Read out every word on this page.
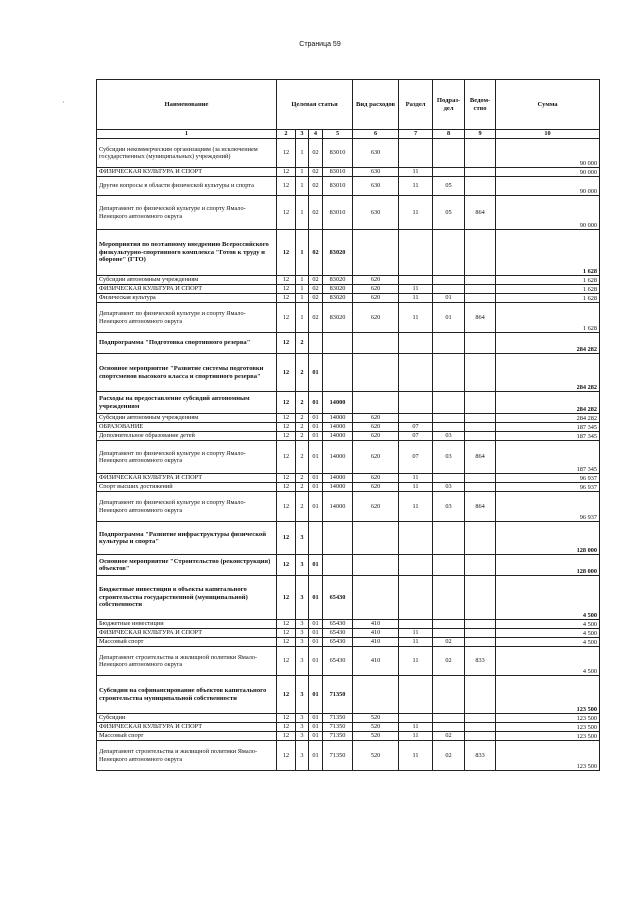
Страница 59
·	Наименование	Целевая статья				Вид расходов	Раздел	Подраз-дел	Ведом-ство	Сумма
1	2	3	4	5	6	7	8	9	10
Субсидии некоммерческим организациям (за исключением государственных (муниципальных) учреждений)	12	1	02	83010	630				90 000
ФИЗИЧЕСКАЯ КУЛЬТУРА И СПОРТ	12	1	02	83010	630	11			90 000
Другие вопросы в области физической культуры и спорта	12	1	02	83010	630	11	05		90 000
Департамент по физической культуре и спорту Ямало-Ненецкого автономного округа	12	1	02	83010	630	11	05	864	90 000
Мероприятия по поэтапному внедрению Всероссийского физкультурно-спортивного комплекса "Готов к труду и обороне" (ГТО)	12	1	02	83020					1 628
Субсидии автономным учреждениям	12	1	02	83020	620				1 628
ФИЗИЧЕСКАЯ КУЛЬТУРА И СПОРТ	12	1	02	83020	620	11			1 628
Физическая культура	12	1	02	83020	620	11	01		1 628
Департамент по физической культуре и спорту Ямало-Ненецкого автономного округа	12	1	02	83020	620	11	01	864	1 628
Подпрограмма "Подготовка спортивного резерва"	12	2							284 282
Основное мероприятие "Развитие системы подготовки спортсменов высокого класса и спортивного резерва"	12	2	01						284 282
Расходы на предоставление субсидий автономным учреждениям	12	2	01	14000					284 282
Субсидии автономным учреждениям	12	2	01	14000	620				284 282
ОБРАЗОВАНИЕ	12	2	01	14000	620	07			187 345
Дополнительное образование детей	12	2	01	14000	620	07	03		187 345
Департамент по физической культуре и спорту Ямало-Ненецкого автономного округа	12	2	01	14000	620	07	03	864	187 345
ФИЗИЧЕСКАЯ КУЛЬТУРА И СПОРТ	12	2	01	14000	620	11			96 937
Спорт высших достижений	12	2	01	14000	620	11	03		96 937
Департамент по физической культуре и спорту Ямало-Ненецкого автономного округа	12	2	01	14000	620	11	03	864	96 937
Подпрограмма "Развитие инфраструктуры физической культуры и спорта"	12	3							128 000
Основное мероприятие "Строительство (реконструкция) объектов"	12	3	01						128 000
Бюджетные инвестиции в объекты капитального строительства государственной (муниципальной) собственности	12	3	01	65430					4 500
Бюджетные инвестиции	12	3	01	65430	410				4 500
ФИЗИЧЕСКАЯ КУЛЬТУРА И СПОРТ	12	3	01	65430	410	11			4 500
Массовый спорт	12	3	01	65430	410	11	02		4 500
Департамент строительства и жилищной политики Ямало-Ненецкого автономного округа	12	3	01	65430	410	11	02	833	4 500
Субсидии на софинансирование объектов капитального строительства муниципальной собственности	12	3	01	71350					123 500
Субсидии	12	3	01	71350	520				123 500
ФИЗИЧЕСКАЯ КУЛЬТУРА И СПОРТ	12	3	01	71350	520	11			123 500
Массовый спорт	12	3	01	71350	520	11	02		123 500
Департамент строительства и жилищной политики Ямало-Ненецкого автономного округа	12	3	01	71350	520	11	02	833	123 500
